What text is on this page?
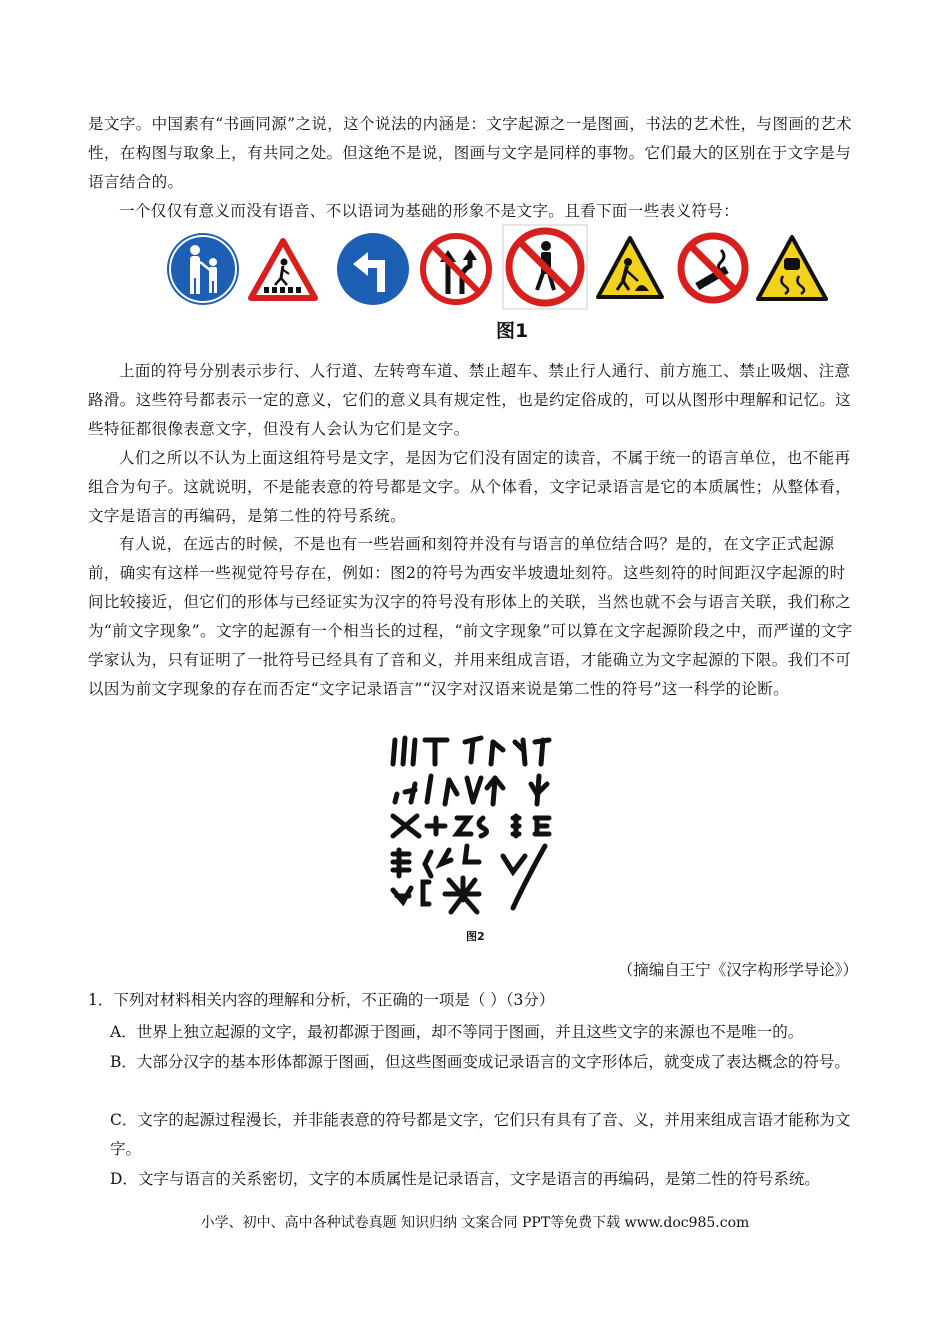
是文字。中国素有“书画同源”之说，这个说法的内涵是：文字起源之一是图画，书法的艺术性，与图画的艺术性，在构图与取象上，有共同之处。但这绝不是说，图画与文字是同样的事物。它们最大的区别在于文字是与语言结合的。

一个仅仅有意义而没有语音、不以语词为基础的形象不是文字。且看下面一些表义符号：

图1

上面的符号分别表示步行、人行道、左转弯车道、禁止超车、禁止行人通行、前方施工、禁止吸烟、注意路滑。这些符号都表示一定的意义，它们的意义具有规定性，也是约定俗成的，可以从图形中理解和记忆。这些特征都很像表意文字，但没有人会认为它们是文字。

人们之所以不认为上面这组符号是文字，是因为它们没有固定的读音，不属于统一的语言单位，也不能再组合为句子。这就说明，不是能表意的符号都是文字。从个体看，文字记录语言是它的本质属性；从整体看，文字是语言的再编码，是第二性的符号系统。

有人说，在远古的时候，不是也有一些岩画和刻符并没有与语言的单位结合吗？是的，在文字正式起源前，确实有这样一些视觉符号存在，例如：图2的符号为西安半坡遗址刻符。这些刻符的时间距汉字起源的时间比较接近，但它们的形体与已经证实为汉字的符号没有形体上的关联，当然也就不会与语言关联，我们称之为“前文字现象”。文字的起源有一个相当长的过程，“前文字现象”可以算在文字起源阶段之中，而严谨的文字学家认为，只有证明了一批符号已经具有了音和义，并用来组成言语，才能确立为文字起源的下限。我们不可以因为前文字现象的存在而否定“文字记录语言”“汉字对汉语来说是第二性的符号”这一科学的论断。

图2
（摘编自王宁《汉字构形学导论》）
1．下列对材料相关内容的理解和分析，不正确的一项是（ ）（3分）

A．世界上独立起源的文字，最初都源于图画，却不等同于图画，并且这些文字的来源也不是唯一的。

B．大部分汉字的基本形体都源于图画，但这些图画变成记录语言的文字形体后，就变成了表达概念的符号。

C．文字的起源过程漫长，并非能表意的符号都是文字，它们只有具有了音、义，并用来组成言语才能称为文字。

D．文字与语言的关系密切，文字的本质属性是记录语言，文字是语言的再编码，是第二性的符号系统。

小学、初中、高中各种试卷真题 知识归纳 文案合同 PPT等免费下载 www.doc985.com
